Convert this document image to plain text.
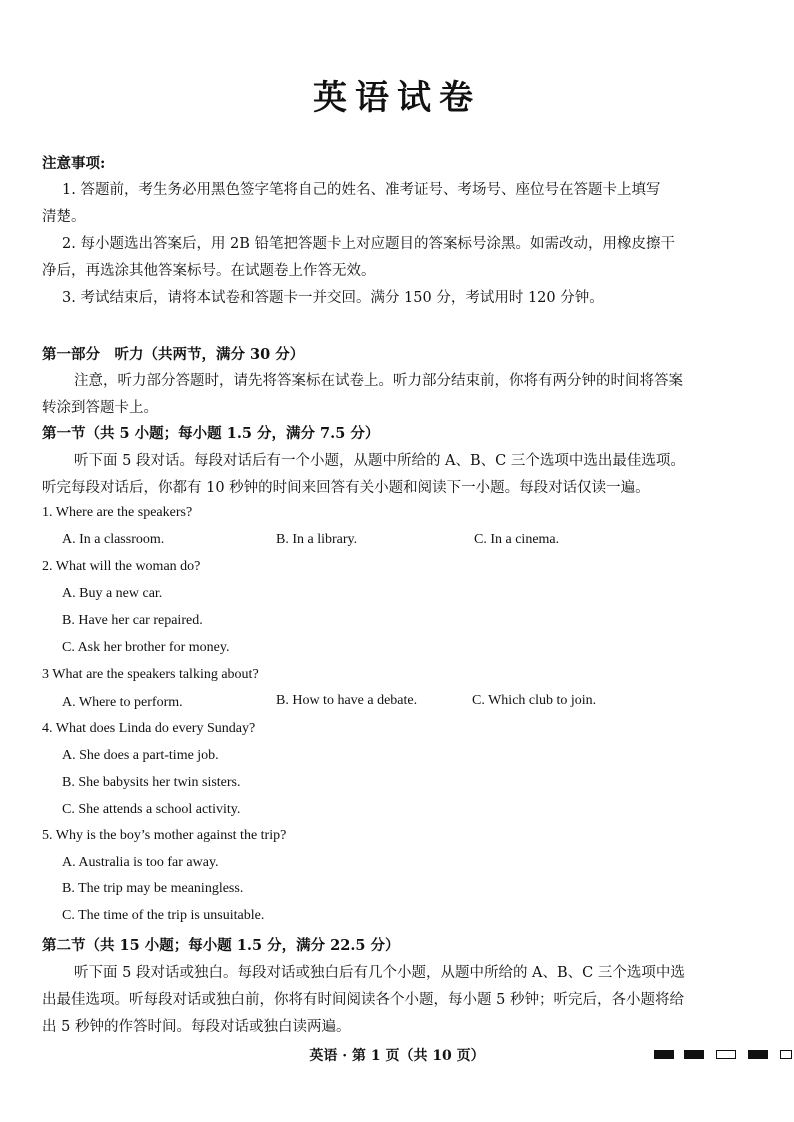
英语试卷
注意事项:
1. 答题前，考生务必用黑色签字笔将自己的姓名、准考证号、考场号、座位号在答题卡上填写
清楚。
2. 每小题选出答案后，用 2B 铅笔把答题卡上对应题目的答案标号涂黑。如需改动，用橡皮擦干
净后，再选涂其他答案标号。在试题卷上作答无效。
3. 考试结束后，请将本试卷和答题卡一并交回。满分 150 分，考试用时 120 分钟。
第一部分　听力（共两节，满分 30 分）
注意，听力部分答题时，请先将答案标在试卷上。听力部分结束前，你将有两分钟的时间将答案
转涂到答题卡上。
第一节（共 5 小题；每小题 1.5 分，满分 7.5 分）
听下面 5 段对话。每段对话后有一个小题，从题中所给的 A、B、C 三个选项中选出最佳选项。
听完每段对话后，你都有 10 秒钟的时间来回答有关小题和阅读下一小题。每段对话仅读一遍。
1. Where are the speakers?
A. In a classroom.	B. In a library.	C. In a cinema.
2. What will the woman do?
A. Buy a new car.
B. Have her car repaired.
C. Ask her brother for money.
3 What are the speakers talking about?
A. Where to perform.	B. How to have a debate.	C. Which club to join.
4. What does Linda do every Sunday?
A. She does a part-time job.
B. She babysits her twin sisters.
C. She attends a school activity.
5. Why is the boy’s mother against the trip?
A. Australia is too far away.
B. The trip may be meaningless.
C. The time of the trip is unsuitable.
第二节（共 15 小题；每小题 1.5 分，满分 22.5 分）
听下面 5 段对话或独白。每段对话或独白后有几个小题，从题中所给的 A、B、C 三个选项中选
出最佳选项。听每段对话或独白前，你将有时间阅读各个小题，每小题 5 秒钟；听完后，各小题将给
出 5 秒钟的作答时间。每段对话或独白读两遍。
英语 · 第 1 页（共 10 页）
